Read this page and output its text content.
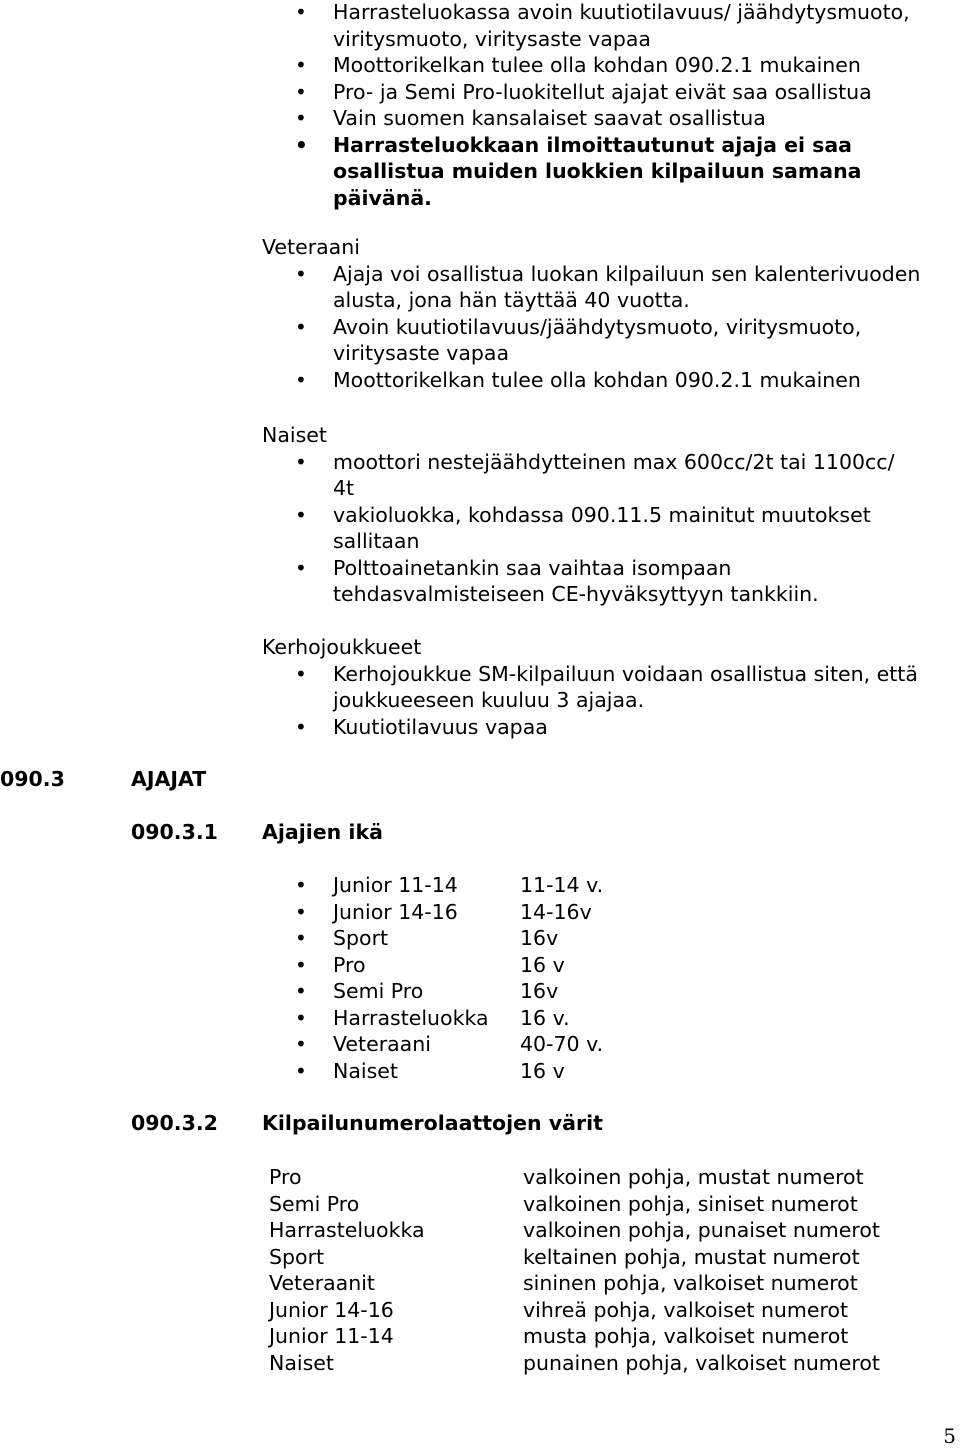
• Harrasteluokassa avoin kuutiotilavuus/ jäähdytysmuoto, viritysmuoto, viritysaste vapaa
• Moottorikelkan tulee olla kohdan 090.2.1 mukainen
• Pro- ja Semi Pro-luokitellut ajajat eivät saa osallistua
• Vain suomen kansalaiset saavat osallistua
• Harrasteluokkaan ilmoittautunut ajaja ei saa osallistua muiden luokkien kilpailuun samana päivänä.
Veteraani
• Ajaja voi osallistua luokan kilpailuun sen kalenterivuoden alusta, jona hän täyttää 40 vuotta.
• Avoin kuutiotilavuus/jäähdytysmuoto, viritysmuoto, viritysaste vapaa
• Moottorikelkan tulee olla kohdan 090.2.1 mukainen
Naiset
• moottori nestejäähdytteinen max 600cc/2t tai 1100cc/ 4t
• vakioluokka, kohdassa 090.11.5 mainitut muutokset sallitaan
• Polttoainetankin saa vaihtaa isompaan tehdasvalmisteiseen CE-hyväksyttyyn tankkiin.
Kerhojoukkueet
• Kerhojoukkue SM-kilpailuun voidaan osallistua siten, että joukkueeseen kuuluu 3 ajajaa.
• Kuutiotilavuus vapaa
090.3	AJAJAT
090.3.1 Ajajien ikä
• Junior 11-14	11-14 v.
• Junior 14-16	14-16v
• Sport	16v
• Pro	16 v
• Semi Pro	16v
• Harrasteluokka	16 v.
• Veteraani	40-70 v.
• Naiset	16 v
090.3.2 Kilpailunumerolaattojen värit
Pro	valkoinen pohja, mustat numerot
Semi Pro	valkoinen pohja, siniset numerot
Harrasteluokka	valkoinen pohja, punaiset numerot
Sport	keltainen pohja, mustat numerot
Veteraanit	sininen pohja, valkoiset numerot
Junior 14-16	vihreä pohja, valkoiset numerot
Junior 11-14	musta pohja, valkoiset numerot
Naiset	punainen pohja, valkoiset numerot
5
